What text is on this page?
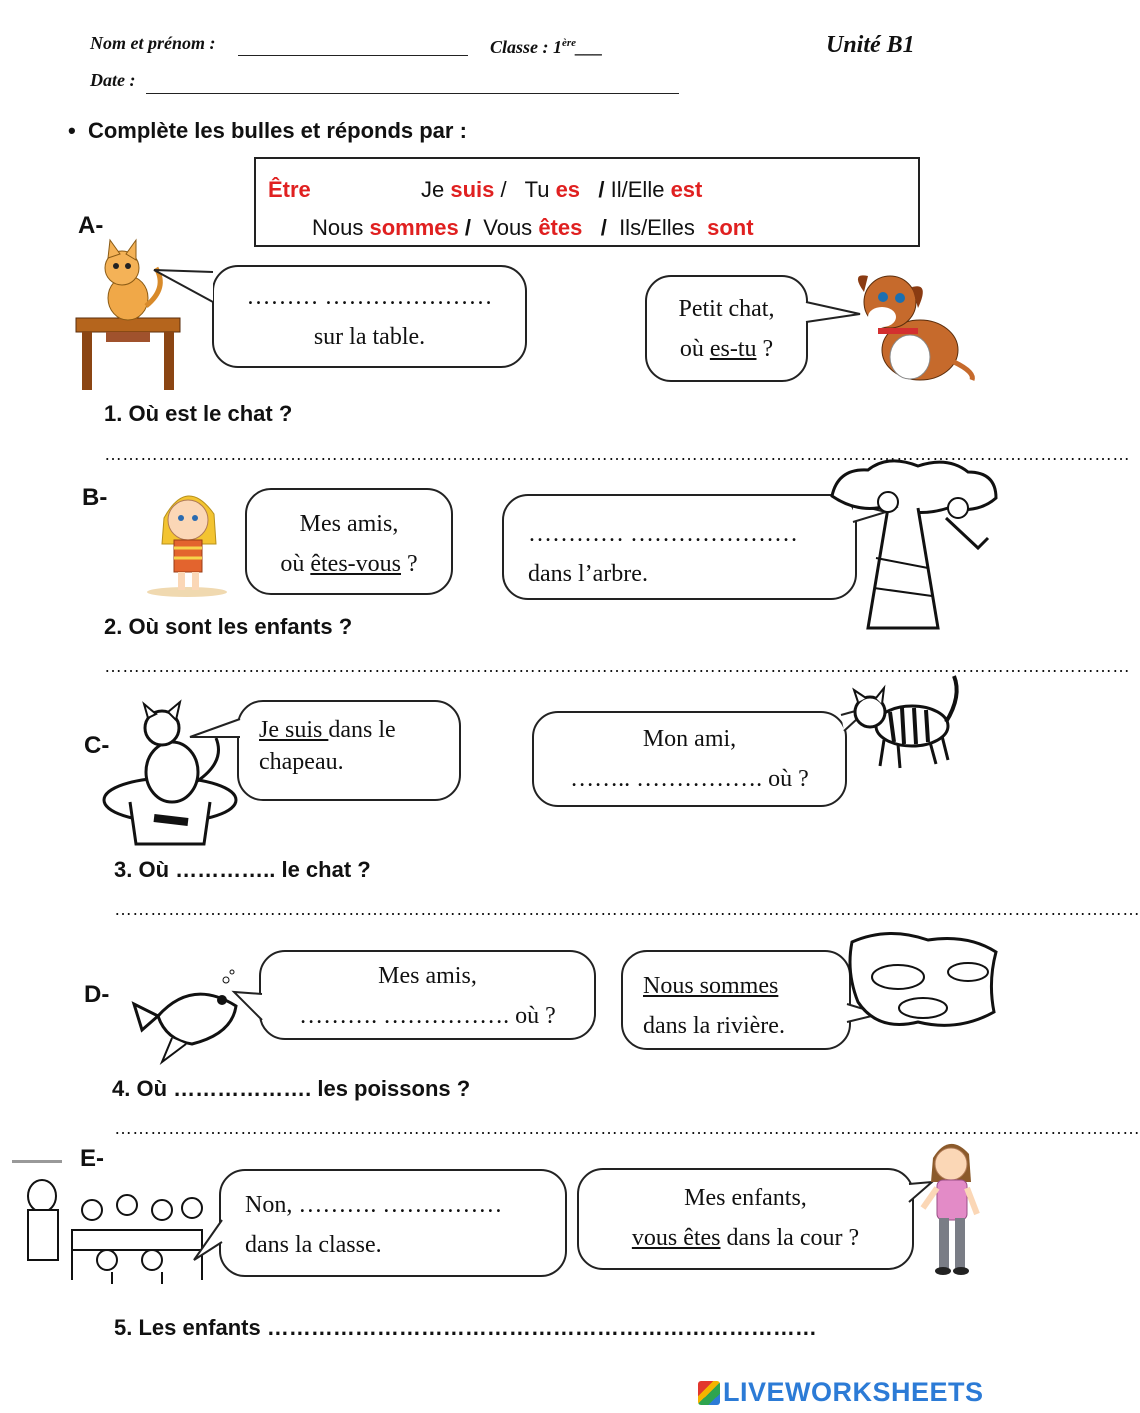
Nom et prénom :	Classe : 1ère___	Unité B1
Date :
•  Complète les bulles et réponds par :
Être	Je suis /   Tu es / Il/Elle est
Nous sommes / Vous êtes / Ils/Elles sont
A-
……… …………………
sur la table.
Petit chat,
où es-tu ?
1. Où est le chat ?
………………………………………………………………………………………………………………………………………………………
B-
Mes amis,
où êtes-vous ?
………… …………………
dans l’arbre.
2. Où sont les enfants ?
………………………………………………………………………………………………………………………………………………………
C-
Je suis dans le
chapeau.
Mon ami,
…….. ……………. où ?
3. Où ………….. le chat ?
………………………………………………………………………………………………………………………………………………………
D-
Mes amis,
………. ……………. où ?
Nous sommes
dans la rivière.
4. Où ………………. les poissons ?
………………………………………………………………………………………………………………………………………………………
E-
Non, ………. ……………
dans la classe.
Mes enfants,
vous êtes dans la cour ?
5. Les enfants …………………………………………………………………
LIVEWORKSHEETS
